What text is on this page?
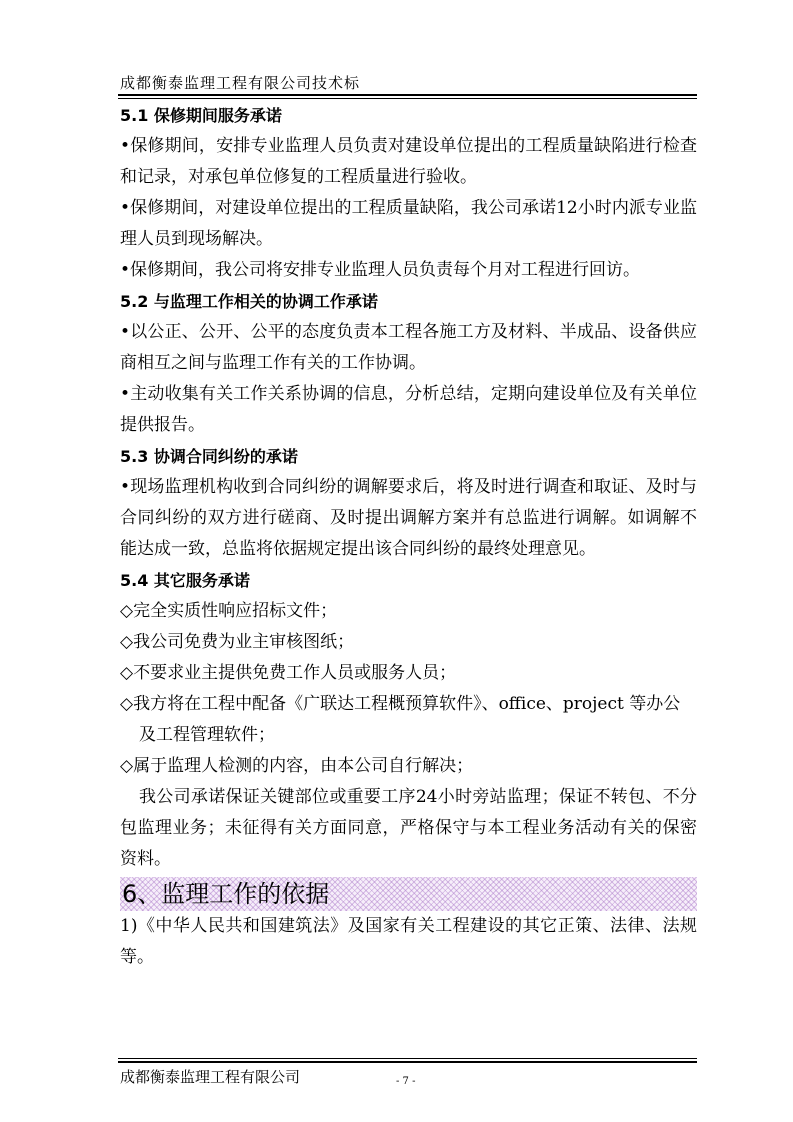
成都衡泰监理工程有限公司技术标
5.1 保修期间服务承诺
•保修期间，安排专业监理人员负责对建设单位提出的工程质量缺陷进行检查和记录，对承包单位修复的工程质量进行验收。
•保修期间，对建设单位提出的工程质量缺陷，我公司承诺12小时内派专业监理人员到现场解决。
•保修期间，我公司将安排专业监理人员负责每个月对工程进行回访。
5.2 与监理工作相关的协调工作承诺
•以公正、公开、公平的态度负责本工程各施工方及材料、半成品、设备供应商相互之间与监理工作有关的工作协调。
•主动收集有关工作关系协调的信息，分析总结，定期向建设单位及有关单位提供报告。
5.3 协调合同纠纷的承诺
•现场监理机构收到合同纠纷的调解要求后，将及时进行调查和取证、及时与合同纠纷的双方进行磋商、及时提出调解方案并有总监进行调解。如调解不能达成一致，总监将依据规定提出该合同纠纷的最终处理意见。
5.4 其它服务承诺
◇完全实质性响应招标文件；
◇我公司免费为业主审核图纸；
◇不要求业主提供免费工作人员或服务人员；
◇我方将在工程中配备《广联达工程概预算软件》、office、project 等办公及工程管理软件；
◇属于监理人检测的内容，由本公司自行解决；
我公司承诺保证关键部位或重要工序24小时旁站监理；保证不转包、不分包监理业务；未征得有关方面同意，严格保守与本工程业务活动有关的保密资料。
6、监理工作的依据
1)《中华人民共和国建筑法》及国家有关工程建设的其它正策、法律、法规等。
成都衡泰监理工程有限公司	- 7 -
